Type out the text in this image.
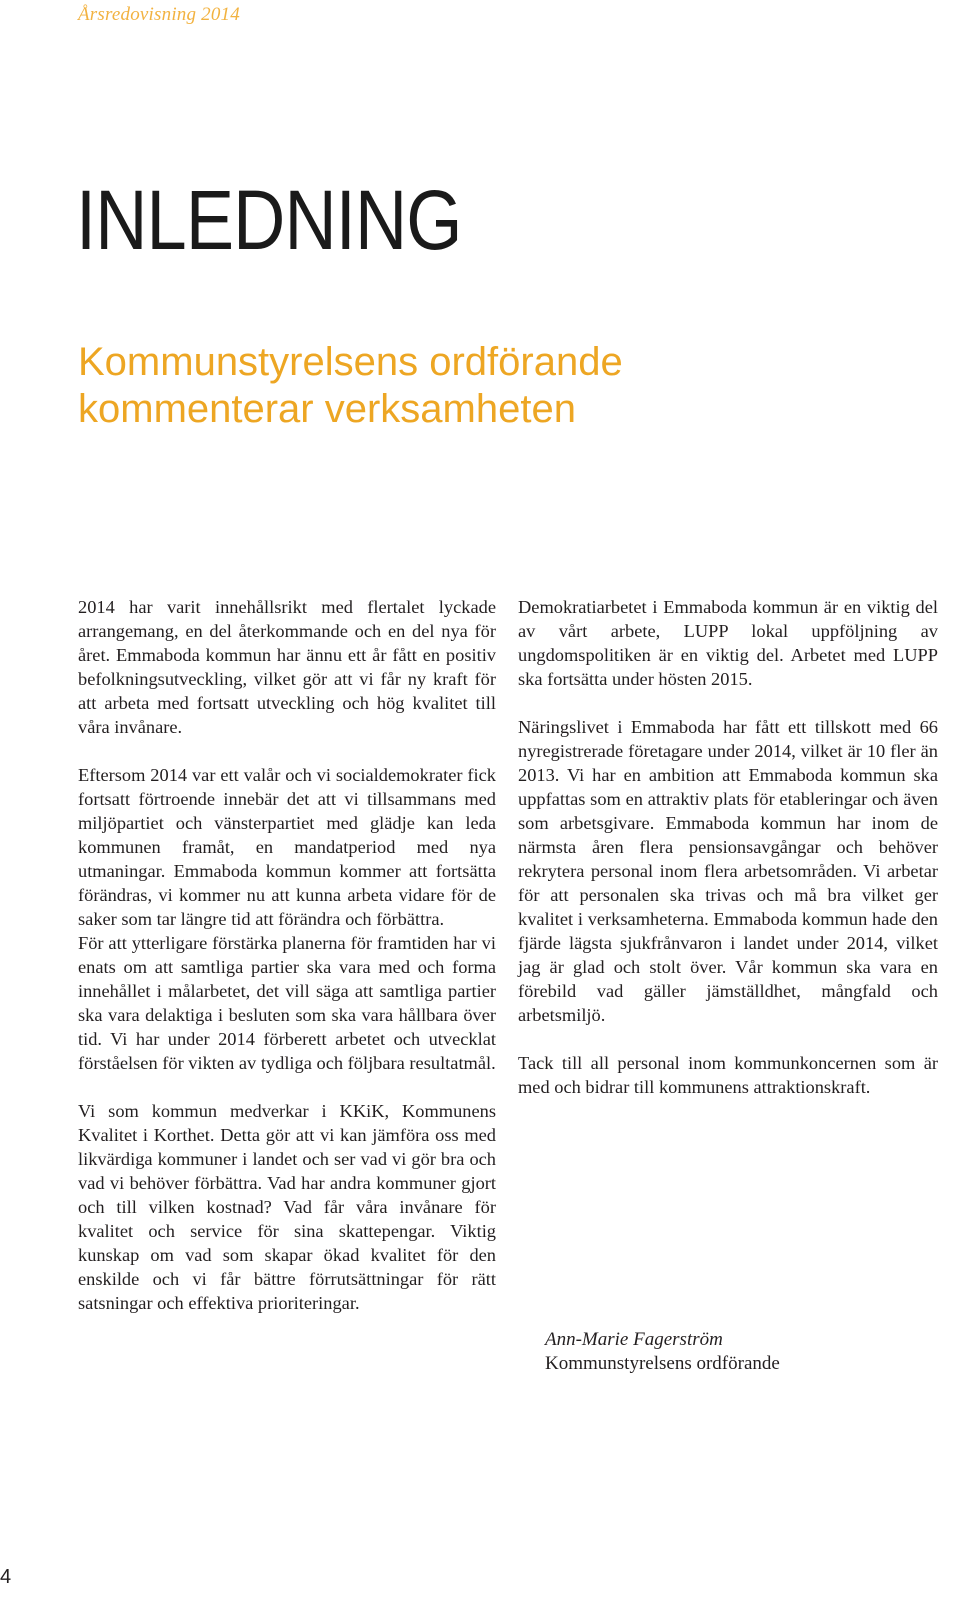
Årsredovisning 2014
INLEDNING
Kommunstyrelsens ordförande
kommenterar verksamheten

2014 har varit innehållsrikt med flertalet lyckade arrangemang, en del återkommande och en del nya för året. Emmaboda kommun har ännu ett år fått en positiv befolkningsutveckling, vilket gör att vi får ny kraft för att arbeta med fortsatt utveckling och hög kvalitet till våra invånare.

Eftersom 2014 var ett valår och vi socialdemokrater fick fortsatt förtroende innebär det att vi tillsammans med miljöpartiet och vänsterpartiet med glädje kan leda kommunen framåt, en mandatperiod med nya utmaningar. Emmaboda kommun kommer att fortsätta förändras, vi kommer nu att kunna arbeta vidare för de saker som tar längre tid att förändra och förbättra.

För att ytterligare förstärka planerna för framtiden har vi enats om att samtliga partier ska vara med och forma innehållet i målarbetet, det vill säga att samtliga partier ska vara delaktiga i besluten som ska vara hållbara över tid. Vi har under 2014 förberett arbetet och utvecklat förståelsen för vikten av tydliga och följbara resultatmål.

Vi som kommun medverkar i KKiK, Kommunens Kvalitet i Korthet. Detta gör att vi kan jämföra oss med likvärdiga kommuner i landet och ser vad vi gör bra och vad vi behöver förbättra. Vad har andra kommuner gjort och till vilken kostnad? Vad får våra invånare för kvalitet och service för sina skattepengar. Viktig kunskap om vad som skapar ökad kvalitet för den enskilde och vi får bättre förrutsättningar för rätt satsningar och effektiva prioriteringar.

Demokratiarbetet i Emmaboda kommun är en viktig del av vårt arbete, LUPP lokal uppföljning av ungdomspolitiken är en viktig del. Arbetet med LUPP ska fortsätta under hösten 2015.

Näringslivet i Emmaboda har fått ett tillskott med 66 nyregistrerade företagare under 2014, vilket är 10 fler än 2013. Vi har en ambition att Emmaboda kommun ska uppfattas som en attraktiv plats för etableringar och även som arbetsgivare. Emmaboda kommun har inom de närmsta åren flera pensionsavgångar och behöver rekrytera personal inom flera arbetsområden. Vi arbetar för att personalen ska trivas och må bra vilket ger kvalitet i verksamheterna. Emmaboda kommun hade den fjärde lägsta sjukfrånvaron i landet under 2014, vilket jag är glad och stolt över. Vår kommun ska vara en förebild vad gäller jämställdhet, mångfald och arbetsmiljö.

Tack till all personal inom kommunkoncernen som är med och bidrar till kommunens attraktionskraft.

Ann-Marie Fagerström
Kommunstyrelsens ordförande
4
